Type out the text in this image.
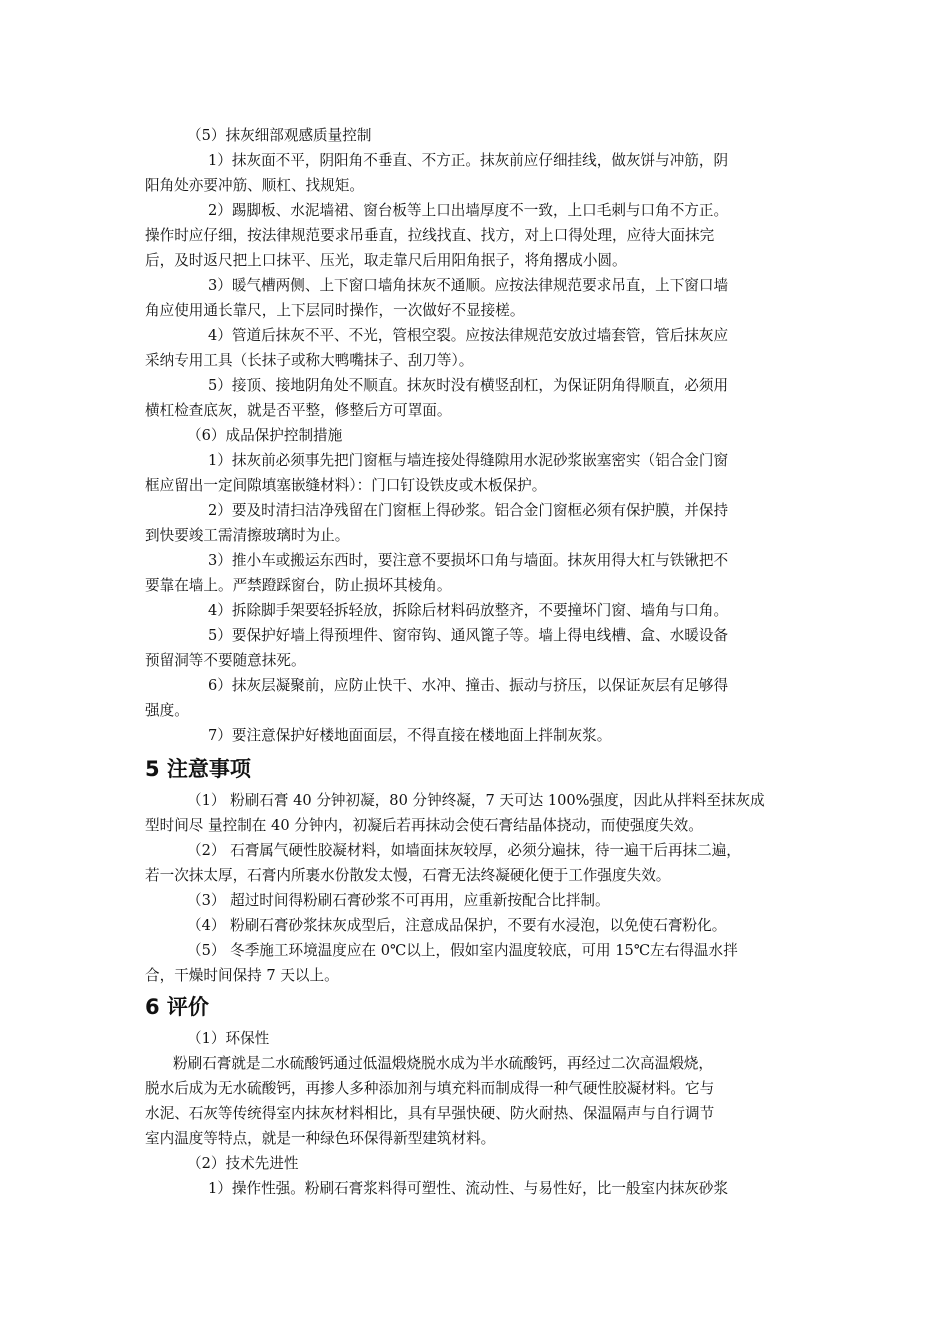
（5）抹灰细部观感质量控制
1）抹灰面不平，阴阳角不垂直、不方正。抹灰前应仔细挂线，做灰饼与冲筋，阴
阳角处亦要冲筋、顺杠、找规矩。
2）踢脚板、水泥墙裙、窗台板等上口出墙厚度不一致，上口毛刺与口角不方正。
操作时应仔细，按法律规范要求吊垂直，拉线找直、找方，对上口得处理，应待大面抹完
后，及时返尺把上口抹平、压光，取走靠尺后用阳角抿子，将角撂成小圆。
3）暖气槽两侧、上下窗口墙角抹灰不通顺。应按法律规范要求吊直，上下窗口墙
角应使用通长靠尺，上下层同时操作，一次做好不显接槎。
4）管道后抹灰不平、不光，管根空裂。应按法律规范安放过墙套管，管后抹灰应
采纳专用工具（长抹子或称大鸭嘴抹子、刮刀等）。
5）接顶、接地阴角处不顺直。抹灰时没有横竖刮杠，为保证阴角得顺直，必须用
横杠检查底灰，就是否平整，修整后方可罩面。
（6）成品保护控制措施
1）抹灰前必须事先把门窗框与墙连接处得缝隙用水泥砂浆嵌塞密实（铝合金门窗
框应留出一定间隙填塞嵌缝材料）：门口钉设铁皮或木板保护。
2）要及时清扫洁净残留在门窗框上得砂浆。铝合金门窗框必须有保护膜，并保持
到快要竣工需清擦玻璃时为止。
3）推小车或搬运东西时，要注意不要损坏口角与墙面。抹灰用得大杠与铁锹把不
要靠在墙上。严禁蹬踩窗台，防止损坏其棱角。
4）拆除脚手架要轻拆轻放，拆除后材料码放整齐，不要撞坏门窗、墙角与口角。
5）要保护好墙上得预埋件、窗帘钩、通风篦子等。墙上得电线槽、盒、水暖设备
预留洞等不要随意抹死。
6）抹灰层凝聚前，应防止快干、水冲、撞击、振动与挤压，以保证灰层有足够得
强度。
7）要注意保护好楼地面面层，不得直接在楼地面上拌制灰浆。
5 注意事项
（1） 粉刷石膏 40 分钟初凝，80 分钟终凝，7 天可达 100%强度，因此从拌料至抹灰成
型时间尽 量控制在 40 分钟内，初凝后若再抹动会使石膏结晶体挠动，而使强度失效。
（2） 石膏属气硬性胶凝材料，如墙面抹灰较厚，必须分遍抹，待一遍干后再抹二遍，
若一次抹太厚，石膏内所裹水份散发太慢，石膏无法终凝硬化便于工作强度失效。
（3） 超过时间得粉刷石膏砂浆不可再用，应重新按配合比拌制。
（4） 粉刷石膏砂浆抹灰成型后，注意成品保护，不要有水浸泡，以免使石膏粉化。
（5） 冬季施工环境温度应在 0℃以上，假如室内温度较底，可用 15℃左右得温水拌
合，干燥时间保持 7 天以上。
6 评价
（1）环保性
粉刷石膏就是二水硫酸钙通过低温煅烧脱水成为半水硫酸钙，再经过二次高温煅烧，
脱水后成为无水硫酸钙，再掺人多种添加剂与填充料而制成得一种气硬性胶凝材料。它与
水泥、石灰等传统得室内抹灰材料相比，具有早强快硬、防火耐热、保温隔声与自行调节
室内温度等特点，就是一种绿色环保得新型建筑材料。
（2）技术先进性
1）操作性强。粉刷石膏浆料得可塑性、流动性、与易性好，比一般室内抹灰砂浆
